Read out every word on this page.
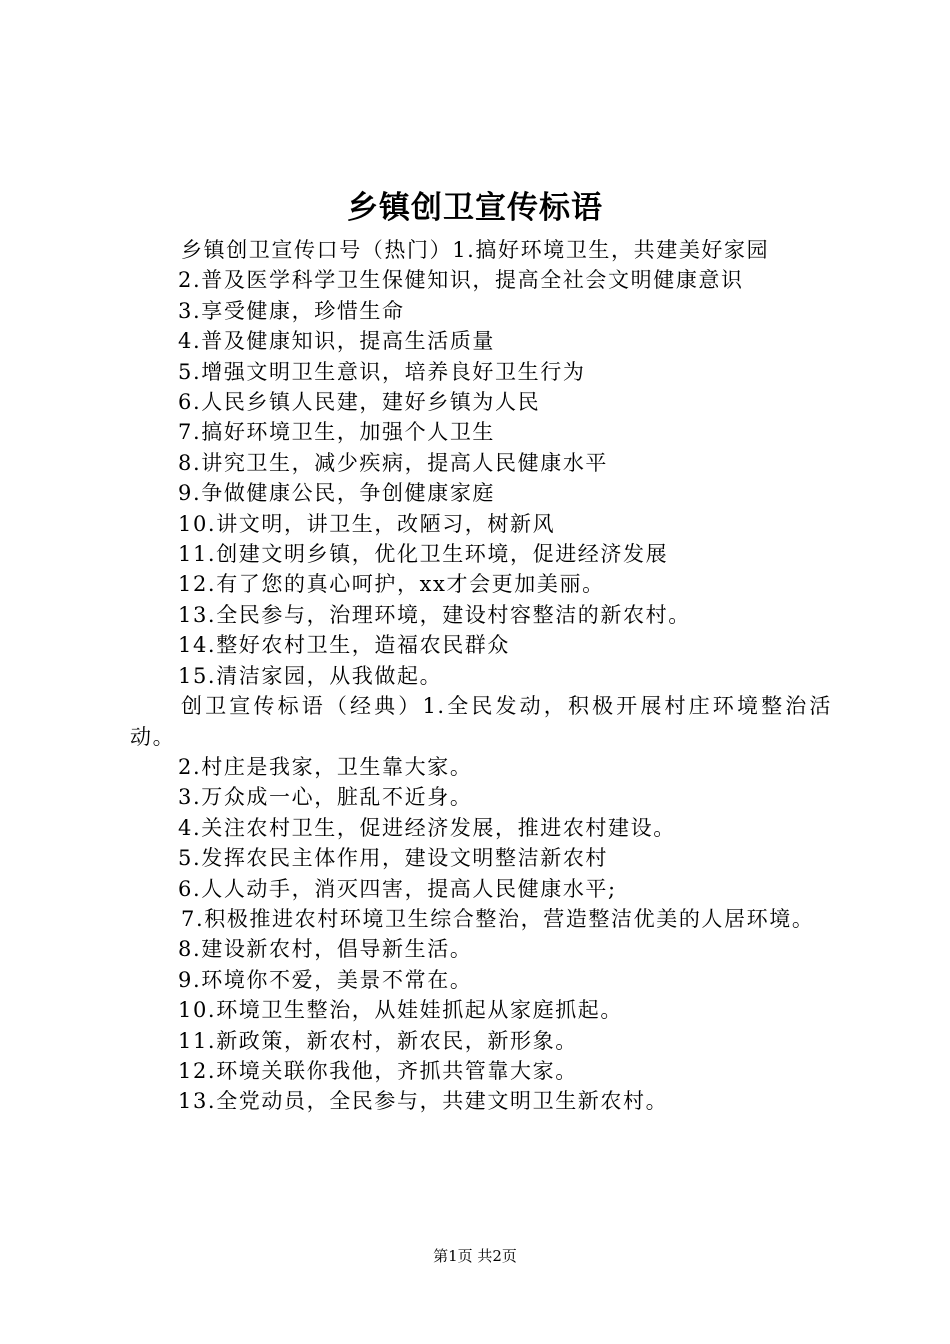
乡镇创卫宣传标语
乡镇创卫宣传口号（热门）1.搞好环境卫生，共建美好家园
2.普及医学科学卫生保健知识，提高全社会文明健康意识
3.享受健康，珍惜生命
4.普及健康知识，提高生活质量
5.增强文明卫生意识，培养良好卫生行为
6.人民乡镇人民建，建好乡镇为人民
7.搞好环境卫生，加强个人卫生
8.讲究卫生，减少疾病，提高人民健康水平
9.争做健康公民，争创健康家庭
10.讲文明，讲卫生，改陋习，树新风
11.创建文明乡镇，优化卫生环境，促进经济发展
12.有了您的真心呵护，xx才会更加美丽。
13.全民参与，治理环境，建设村容整洁的新农村。
14.整好农村卫生，造福农民群众
15.清洁家园，从我做起。
创卫宣传标语（经典）1.全民发动，积极开展村庄环境整治活动。
2.村庄是我家，卫生靠大家。
3.万众成一心，脏乱不近身。
4.关注农村卫生，促进经济发展，推进农村建设。
5.发挥农民主体作用，建设文明整洁新农村
6.人人动手，消灭四害，提高人民健康水平;
7.积极推进农村环境卫生综合整治，营造整洁优美的人居环境。
8.建设新农村，倡导新生活。
9.环境你不爱，美景不常在。
10.环境卫生整治，从娃娃抓起从家庭抓起。
11.新政策，新农村，新农民，新形象。
12.环境关联你我他，齐抓共管靠大家。
13.全党动员，全民参与，共建文明卫生新农村。
第1页 共2页
